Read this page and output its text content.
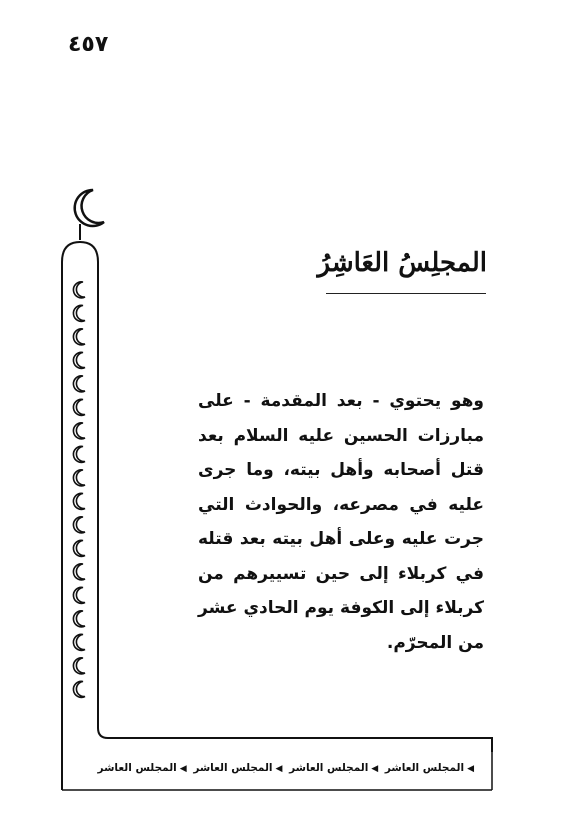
٤٥٧
المجلِسُ العَاشِرُ
وهو يحتوي - بعد المقدمة - على مبارزات الحسين عليه السلام بعد قتل أصحابه وأهل بيته، وما جرى عليه في مصرعه، والحوادث التي جرت عليه وعلى أهل بيته بعد قتله في كربلاء إلى حين تسييرهم من كربلاء إلى الكوفة يوم الحادي عشر من المحرّم.
◀المجلس العاشر ◀المجلس العاشر ◀المجلس العاشر ◀المجلس العاشر
